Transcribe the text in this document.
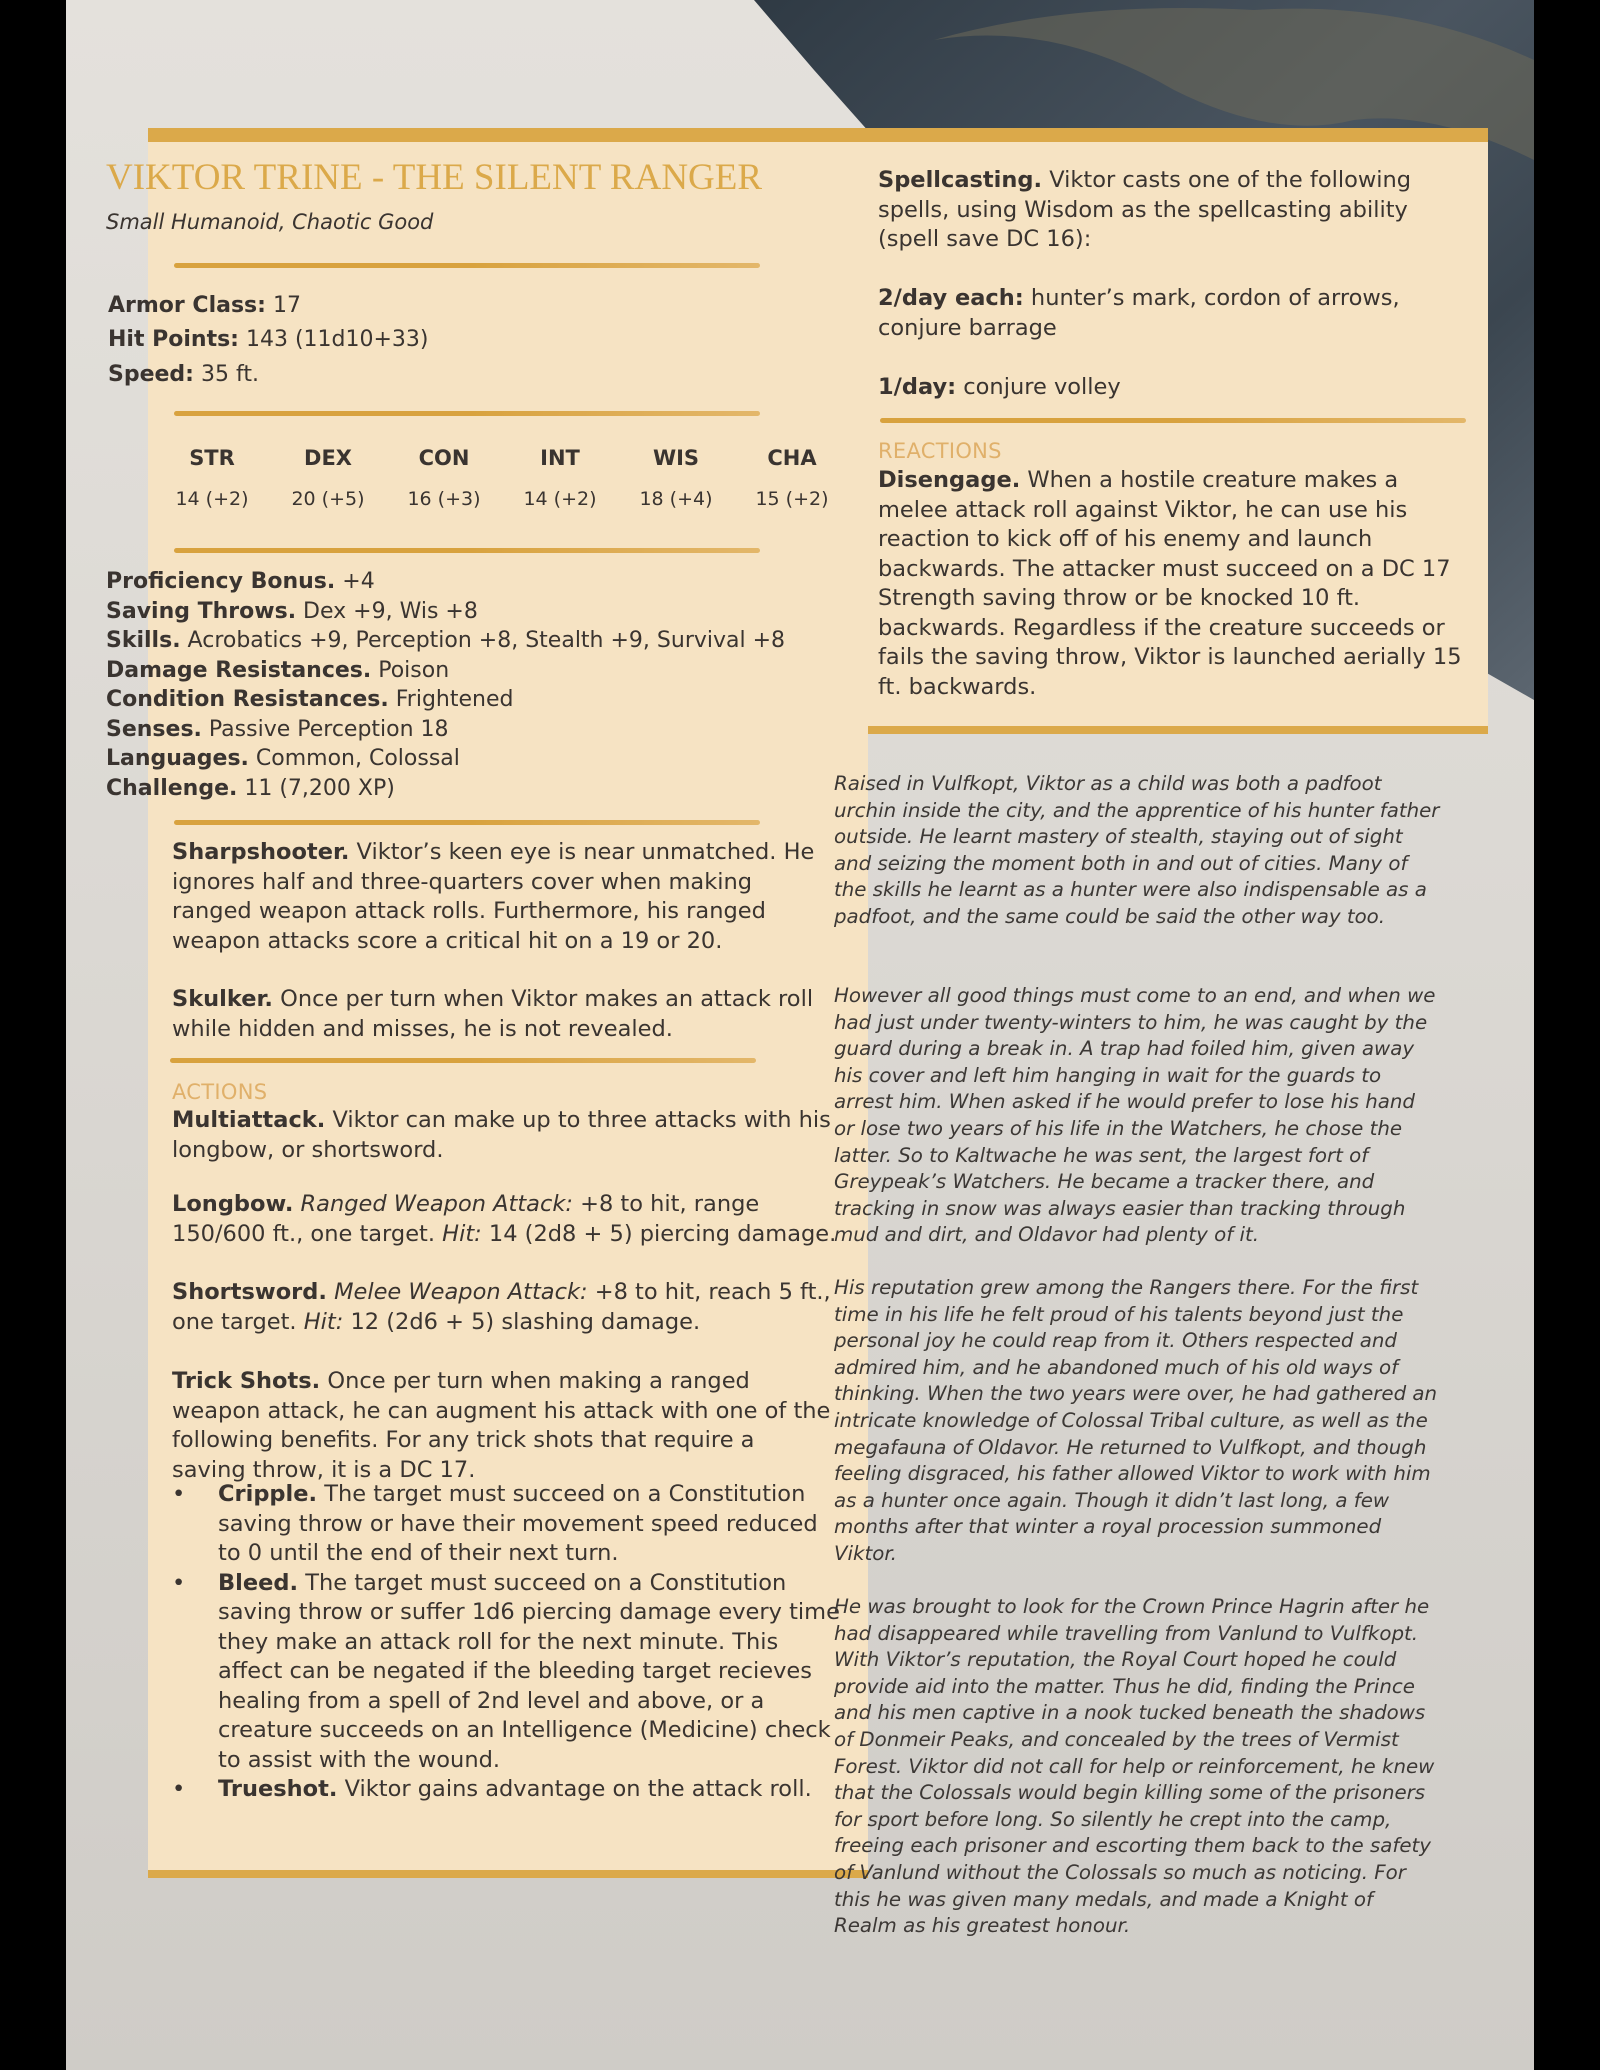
VIKTOR TRINE - THE SILENT RANGER
Small Humanoid, Chaotic Good
Armor Class: 17
Hit Points: 143 (11d10+33)
Speed: 35 ft.
STR
14 (+2)
DEX
20 (+5)
CON
16 (+3)
INT
14 (+2)
WIS
18 (+4)
CHA
15 (+2)
Proficiency Bonus. +4
Saving Throws. Dex +9, Wis +8
Skills. Acrobatics +9, Perception +8, Stealth +9, Survival +8
Damage Resistances. Poison
Condition Resistances. Frightened
Senses. Passive Perception 18
Languages. Common, Colossal
Challenge. 11 (7,200 XP)
Sharpshooter. Viktor’s keen eye is near unmatched. He ignores half and three-quarters cover when making ranged weapon attack rolls. Furthermore, his ranged weapon attacks score a critical hit on a 19 or 20.
Skulker. Once per turn when Viktor makes an attack roll while hidden and misses, he is not revealed.
ACTIONS
Multiattack. Viktor can make up to three attacks with his longbow, or shortsword.
Longbow. Ranged Weapon Attack: +8 to hit, range 150/600 ft., one target. Hit: 14 (2d8 + 5) piercing damage.
Shortsword. Melee Weapon Attack: +8 to hit, reach 5 ft., one target. Hit: 12 (2d6 + 5) slashing damage.
Trick Shots. Once per turn when making a ranged weapon attack, he can augment his attack with one of the following benefits. For any trick shots that require a saving throw, it is a DC 17.
• Cripple. The target must succeed on a Constitution saving throw or have their movement speed reduced to 0 until the end of their next turn.
• Bleed. The target must succeed on a Constitution saving throw or suffer 1d6 piercing damage every time they make an attack roll for the next minute. This affect can be negated if the bleeding target recieves healing from a spell of 2nd level and above, or a creature succeeds on an Intelligence (Medicine) check to assist with the wound.
• Trueshot. Viktor gains advantage on the attack roll.
Spellcasting. Viktor casts one of the following spells, using Wisdom as the spellcasting ability (spell save DC 16):
2/day each: hunter’s mark, cordon of arrows, conjure barrage
1/day: conjure volley
REACTIONS
Disengage. When a hostile creature makes a melee attack roll against Viktor, he can use his reaction to kick off of his enemy and launch backwards. The attacker must succeed on a DC 17 Strength saving throw or be knocked 10 ft. backwards. Regardless if the creature succeeds or fails the saving throw, Viktor is launched aerially 15 ft. backwards.
Raised in Vulfkopt, Viktor as a child was both a padfoot urchin inside the city, and the apprentice of his hunter father outside. He learnt mastery of stealth, staying out of sight and seizing the moment both in and out of cities. Many of the skills he learnt as a hunter were also indispensable as a padfoot, and the same could be said the other way too.
However all good things must come to an end, and when we had just under twenty-winters to him, he was caught by the guard during a break in. A trap had foiled him, given away his cover and left him hanging in wait for the guards to arrest him. When asked if he would prefer to lose his hand or lose two years of his life in the Watchers, he chose the latter. So to Kaltwache he was sent, the largest fort of Greypeak’s Watchers. He became a tracker there, and tracking in snow was always easier than tracking through mud and dirt, and Oldavor had plenty of it.
His reputation grew among the Rangers there. For the first time in his life he felt proud of his talents beyond just the personal joy he could reap from it. Others respected and admired him, and he abandoned much of his old ways of thinking. When the two years were over, he had gathered an intricate knowledge of Colossal Tribal culture, as well as the megafauna of Oldavor. He returned to Vulfkopt, and though feeling disgraced, his father allowed Viktor to work with him as a hunter once again. Though it didn’t last long, a few months after that winter a royal procession summoned Viktor.
He was brought to look for the Crown Prince Hagrin after he had disappeared while travelling from Vanlund to Vulfkopt. With Viktor’s reputation, the Royal Court hoped he could provide aid into the matter. Thus he did, finding the Prince and his men captive in a nook tucked beneath the shadows of Donmeir Peaks, and concealed by the trees of Vermist Forest. Viktor did not call for help or reinforcement, he knew that the Colossals would begin killing some of the prisoners for sport before long. So silently he crept into the camp, freeing each prisoner and escorting them back to the safety of Vanlund without the Colossals so much as noticing. For this he was given many medals, and made a Knight of Realm as his greatest honour.
